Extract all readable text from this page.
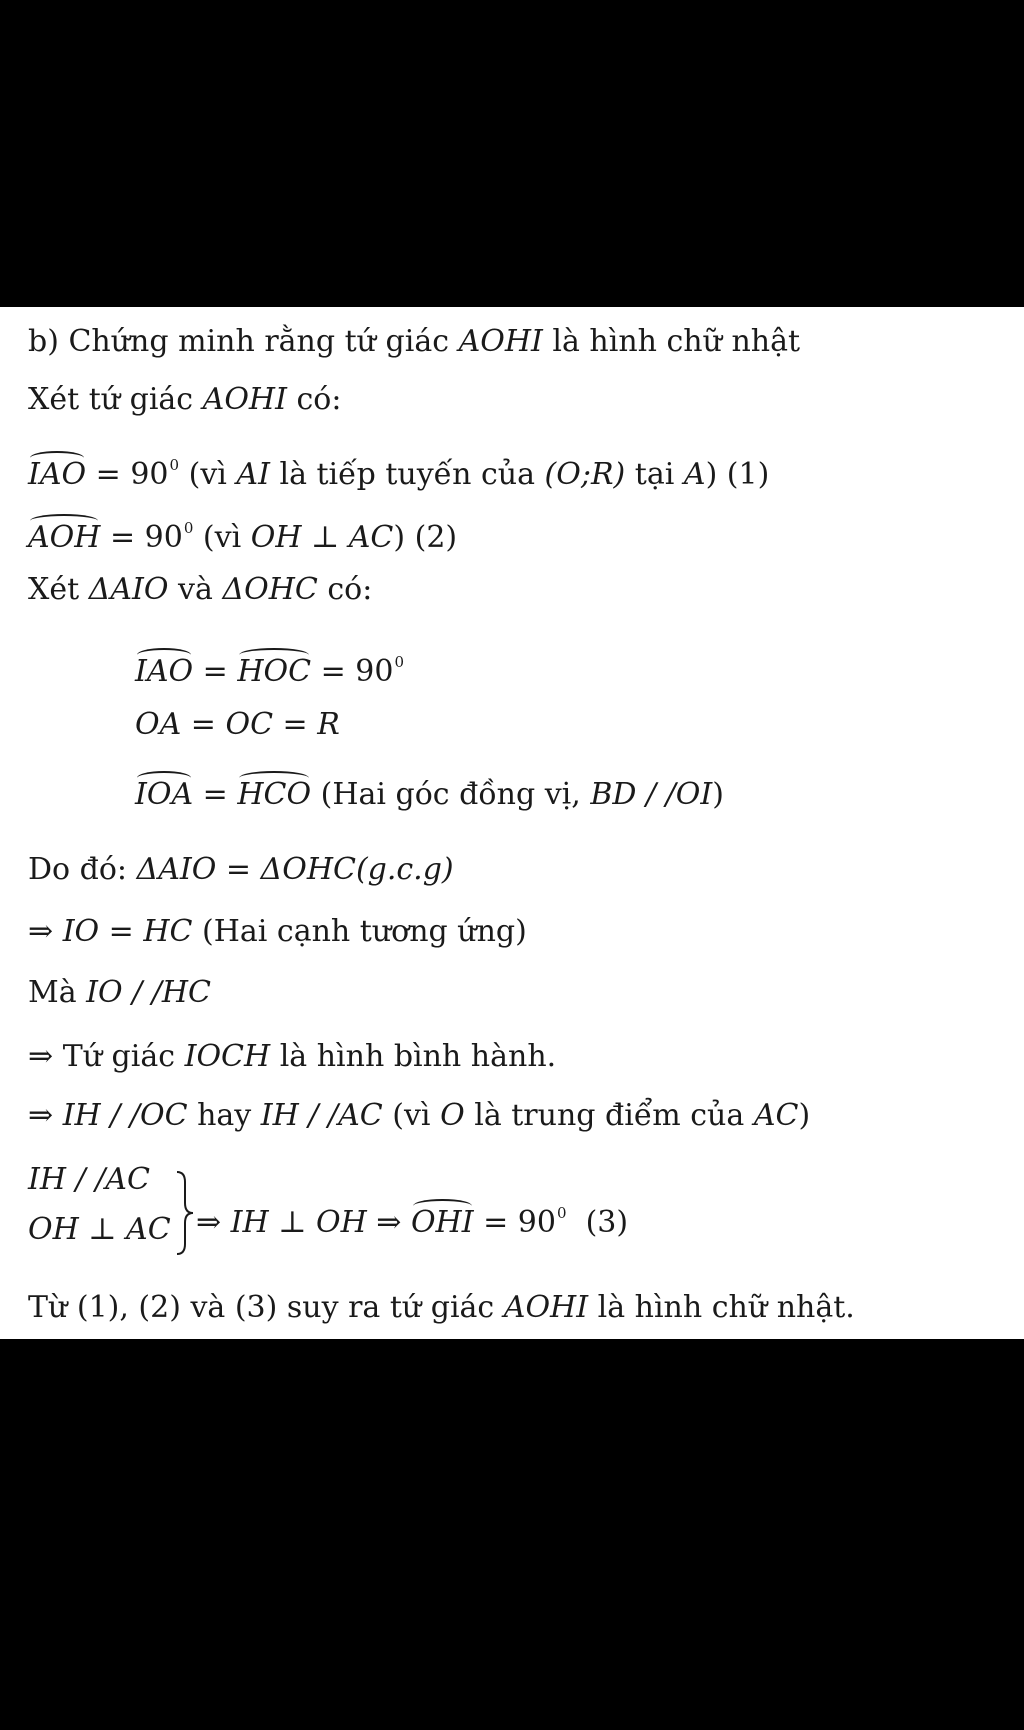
b) Chứng minh rằng tứ giác AOHI là hình chữ nhật
Xét tứ giác AOHI có:
IAO = $90^0$ (vì AI là tiếp tuyến của (O;R) tại A) (1)
AOH = $90^0$ (vì OH ⊥ AC) (2)
Xét ΔAIO và ΔOHC có:
IAO = HOC = $90^0$
OA = OC = R
IOA = HCO (Hai góc đồng vị, BD / /OI)
Do đó: ΔAIO = ΔOHC(g.c.g)
⇒ IO = HC (Hai cạnh tương ứng)
Mà IO / /HC
⇒ Tứ giác IOCH là hình bình hành.
⇒ IH / /OC hay IH / /AC (vì O là trung điểm của AC)
IH / /AC
OH ⊥ AC ⇒ IH ⊥ OH ⇒ OHI = $90^0$ (3)
Từ (1), (2) và (3) suy ra tứ giác AOHI là hình chữ nhật.
